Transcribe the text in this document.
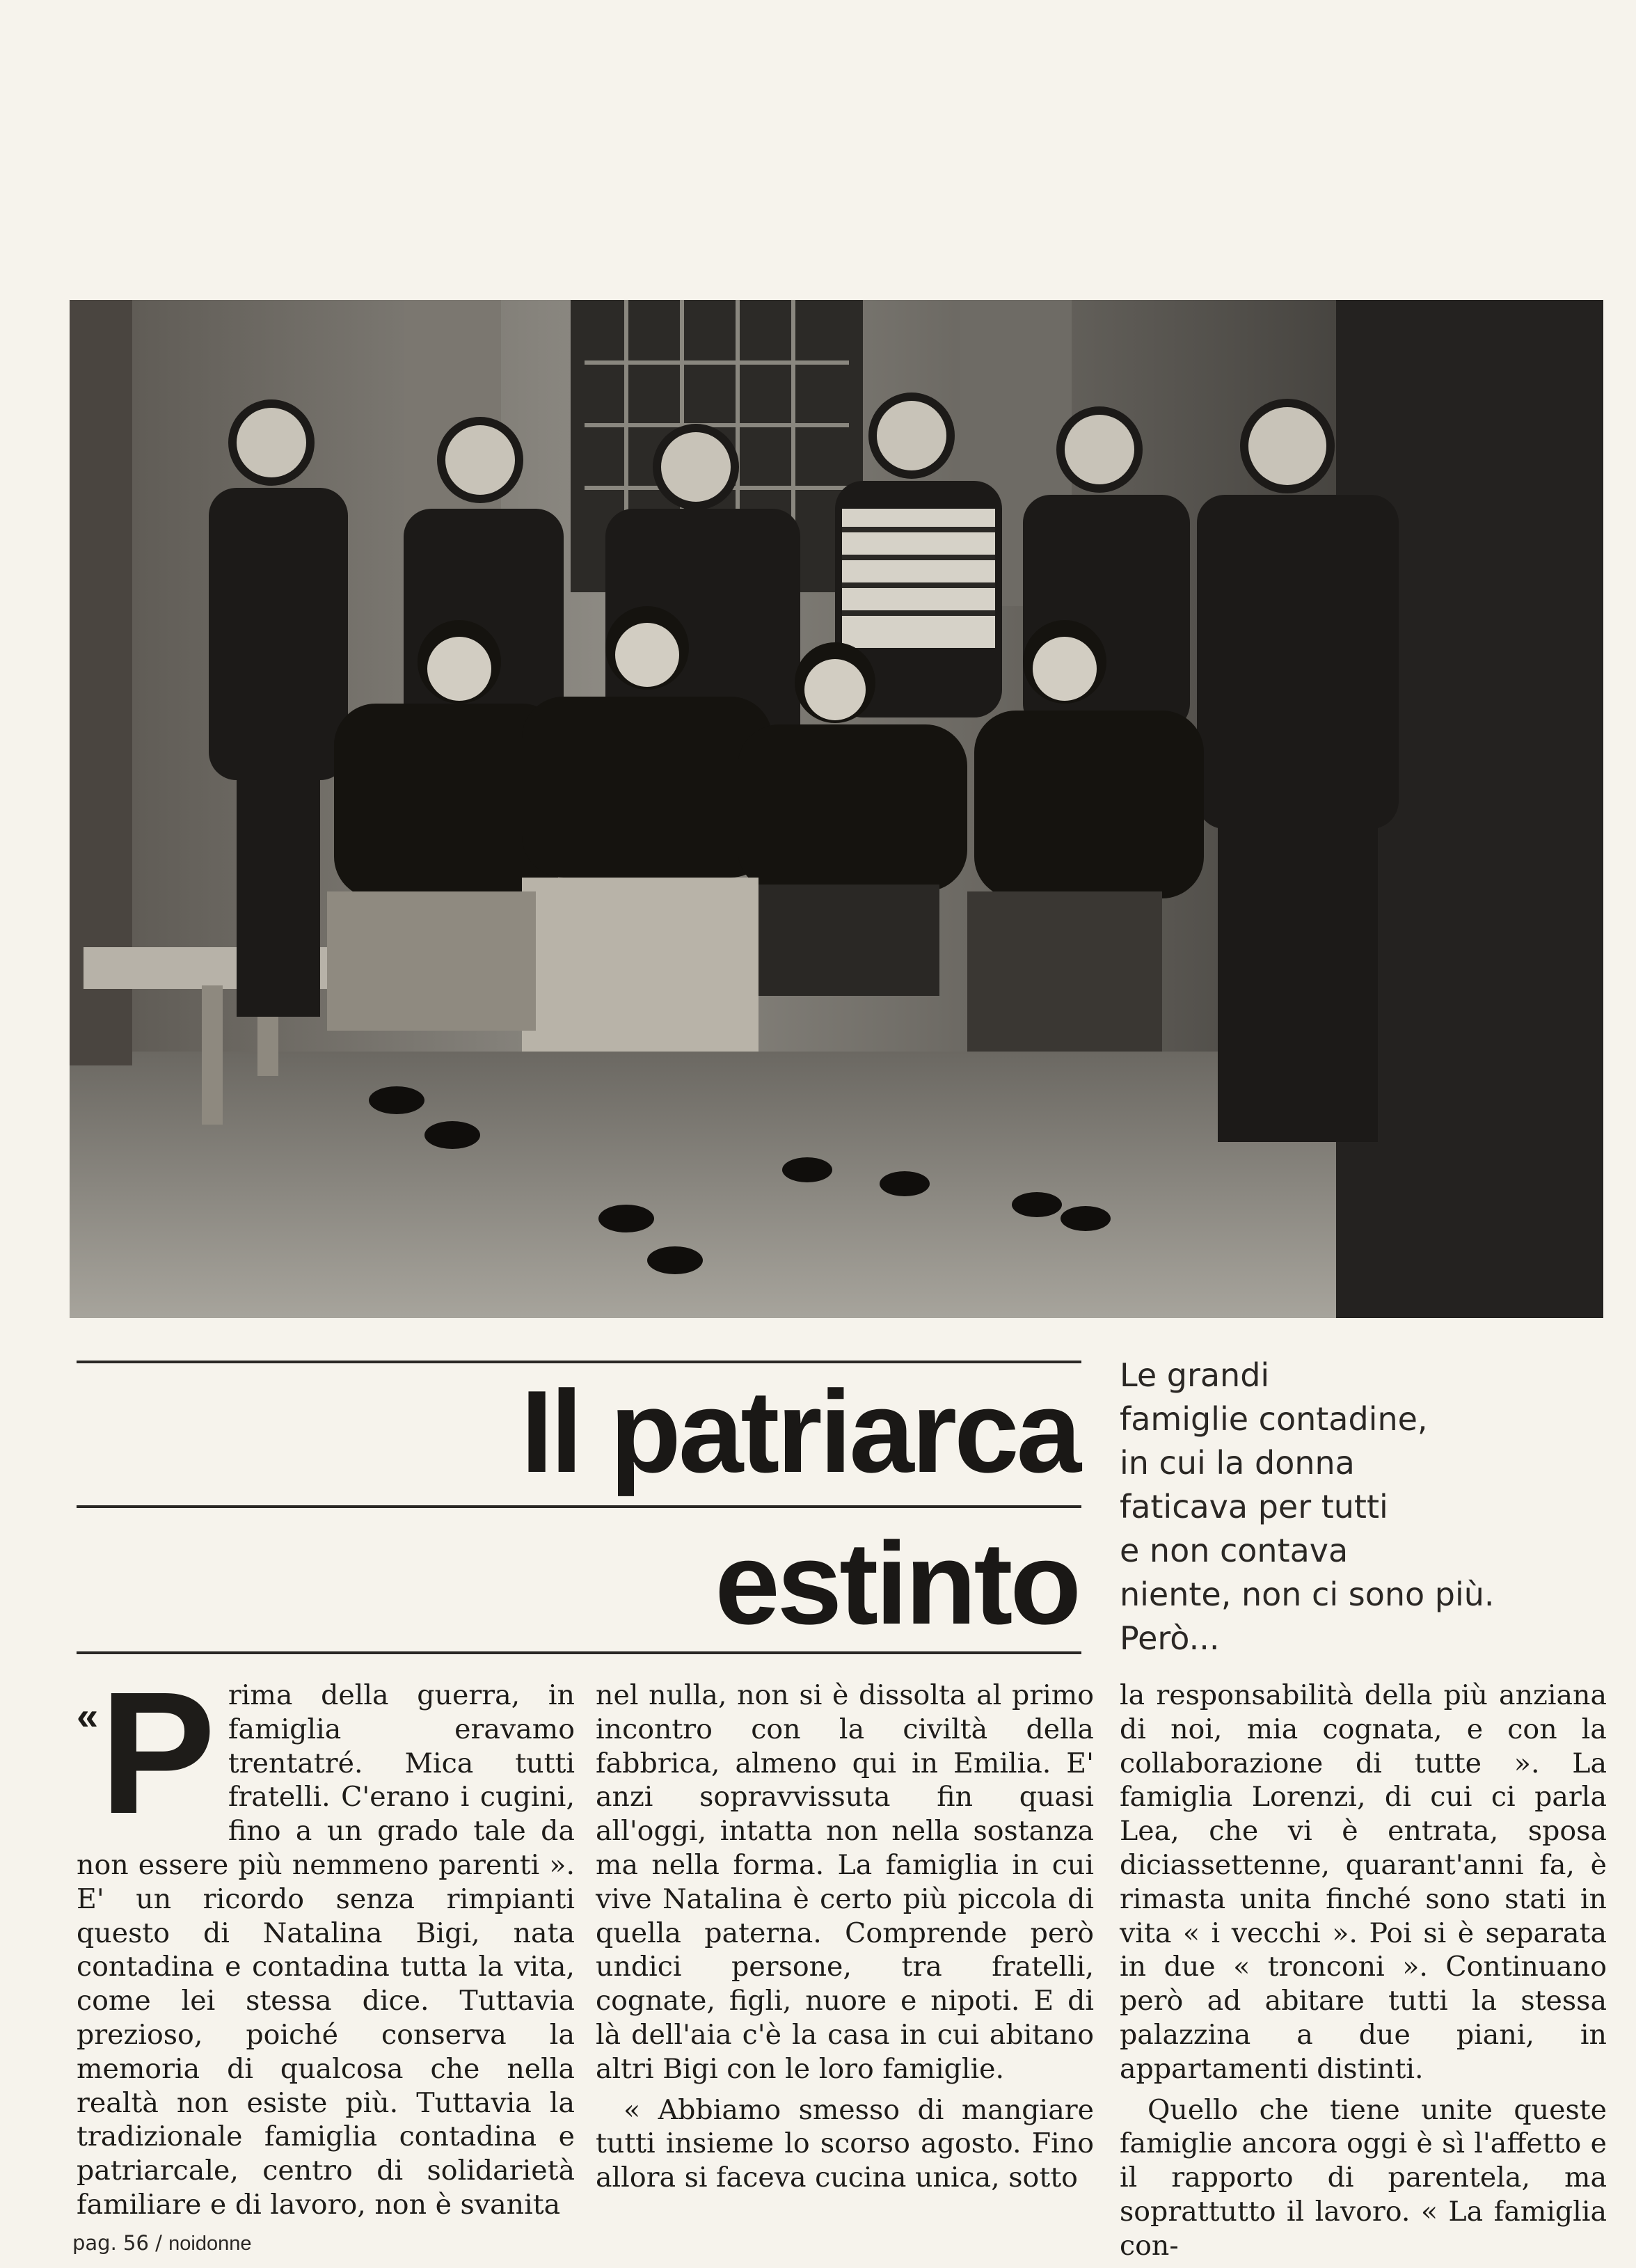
Il patriarca
estinto
Le grandi
famiglie contadine,
in cui la donna
faticava per tutti
e non contava
niente, non ci sono più.
Però...
« P rima della guerra, in famiglia eravamo trentatré. Mica tutti fratelli. C'erano i cugini, fino a un grado tale da non essere più nemmeno parenti ». E' un ricordo senza rimpianti questo di Natalina Bigi, nata contadina e contadina tutta la vita, come lei stessa dice. Tuttavia prezioso, poiché conserva la memoria di qualcosa che nella realtà non esiste più. Tuttavia la tradizionale famiglia contadina e patriarcale, centro di solidarietà familiare e di lavoro, non è svanita

nel nulla, non si è dissolta al primo incontro con la civiltà della fabbrica, almeno qui in Emilia. E' anzi sopravvissuta fin quasi all'oggi, intatta non nella sostanza ma nella forma. La famiglia in cui vive Natalina è certo più piccola di quella paterna. Comprende però undici persone, tra fratelli, cognate, figli, nuore e nipoti. E di là dell'aia c'è la casa in cui abitano altri Bigi con le loro famiglie.

« Abbiamo smesso di mangiare tutti insieme lo scorso agosto. Fino allora si faceva cucina unica, sotto

la responsabilità della più anziana di noi, mia cognata, e con la collaborazione di tutte ». La famiglia Lorenzi, di cui ci parla Lea, che vi è entrata, sposa diciassettenne, quarant'anni fa, è rimasta unita finché sono stati in vita « i vecchi ». Poi si è separata in due « tronconi ». Continuano però ad abitare tutti la stessa palazzina a due piani, in appartamenti distinti.

Quello che tiene unite queste famiglie ancora oggi è sì l'affetto e il rapporto di parentela, ma soprattutto il lavoro. « La famiglia con-

pag. 56 / noidonne
